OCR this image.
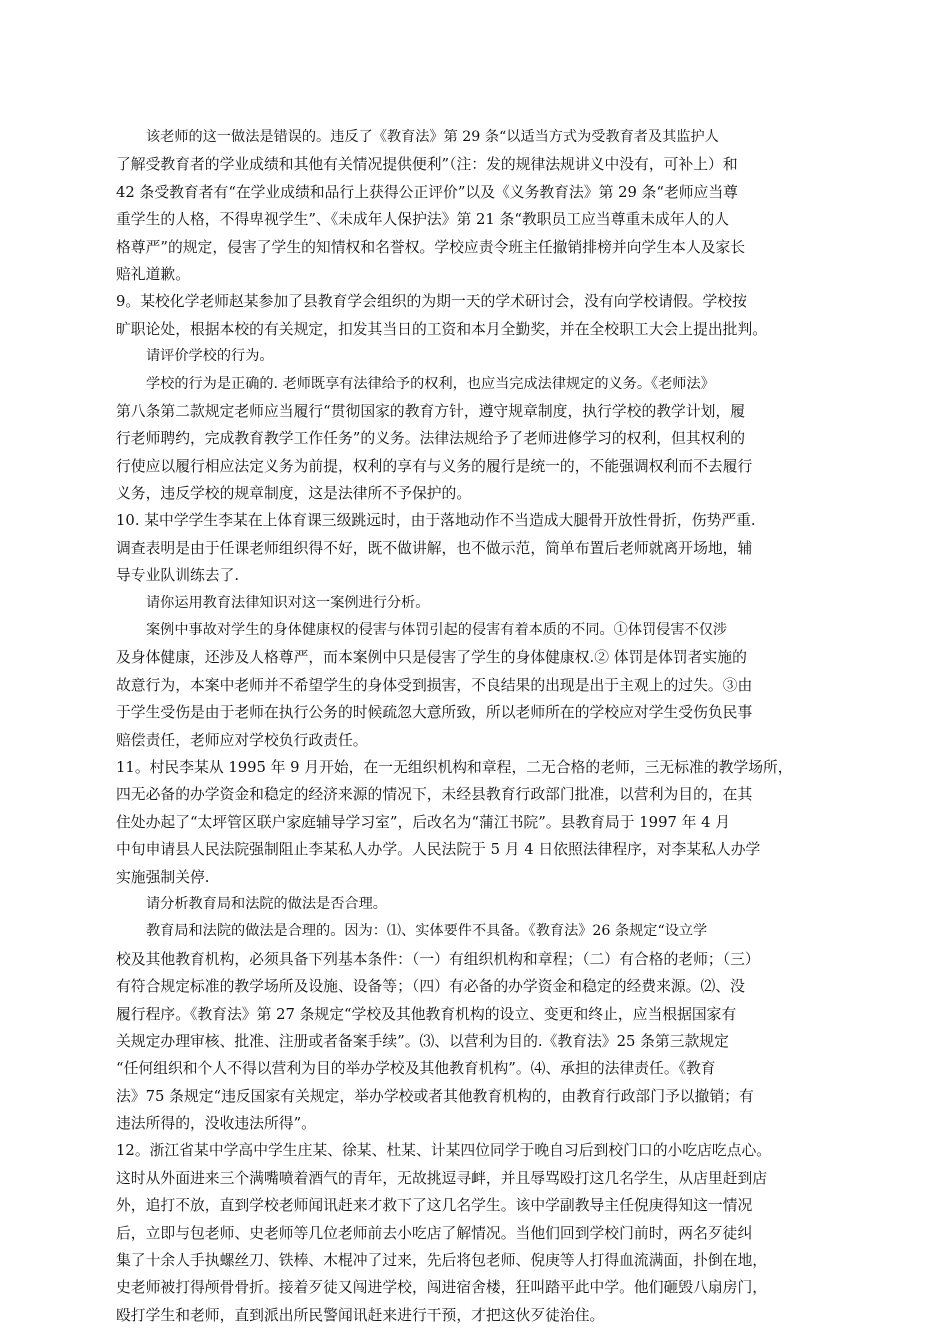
该老师的这一做法是错误的。违反了《教育法》第 29 条“以适当方式为受教育者及其监护人
了解受教育者的学业成绩和其他有关情况提供便利”（注：发的规律法规讲义中没有，可补上）和
42 条受教育者有“在学业成绩和品行上获得公正评价”以及《义务教育法》第 29 条“老师应当尊
重学生的人格，不得卑视学生”、《未成年人保护法》第 21 条“教职员工应当尊重未成年人的人
格尊严”的规定，侵害了学生的知情权和名誉权。学校应责令班主任撤销排榜并向学生本人及家长
赔礼道歉。
9。某校化学老师赵某参加了县教育学会组织的为期一天的学术研讨会，没有向学校请假。学校按
旷职论处，根据本校的有关规定，扣发其当日的工资和本月全勤奖，并在全校职工大会上提出批判。
请评价学校的行为。
学校的行为是正确的. 老师既享有法律给予的权利，也应当完成法律规定的义务。《老师法》
第八条第二款规定老师应当履行“贯彻国家的教育方针，遵守规章制度，执行学校的教学计划，履
行老师聘约，完成教育教学工作任务”的义务。法律法规给予了老师进修学习的权利，但其权利的
行使应以履行相应法定义务为前提，权利的享有与义务的履行是统一的，不能强调权利而不去履行
义务，违反学校的规章制度，这是法律所不予保护的。
10. 某中学学生李某在上体育课三级跳远时，由于落地动作不当造成大腿骨开放性骨折，伤势严重.
调查表明是由于任课老师组织得不好，既不做讲解，也不做示范，简单布置后老师就离开场地，辅
导专业队训练去了.
请你运用教育法律知识对这一案例进行分析。
案例中事故对学生的身体健康权的侵害与体罚引起的侵害有着本质的不同。①体罚侵害不仅涉
及身体健康，还涉及人格尊严，而本案例中只是侵害了学生的身体健康权.② 体罚是体罚者实施的
故意行为，本案中老师并不希望学生的身体受到损害，不良结果的出现是出于主观上的过失。③由
于学生受伤是由于老师在执行公务的时候疏忽大意所致，所以老师所在的学校应对学生受伤负民事
赔偿责任，老师应对学校负行政责任。
11。村民李某从 1995 年 9 月开始，在一无组织机构和章程，二无合格的老师，三无标准的教学场所，
四无必备的办学资金和稳定的经济来源的情况下，未经县教育行政部门批准，以营利为目的，在其
住处办起了“太坪管区联户家庭辅导学习室”，后改名为“蒲江书院”。县教育局于 1997 年 4 月
中旬申请县人民法院强制阻止李某私人办学。人民法院于 5 月 4 日依照法律程序，对李某私人办学
实施强制关停.
请分析教育局和法院的做法是否合理。
教育局和法院的做法是合理的。因为：⑴、实体要件不具备。《教育法》26 条规定“设立学
校及其他教育机构，必须具备下列基本条件：（一）有组织机构和章程；（二）有合格的老师；（三）
有符合规定标准的教学场所及设施、设备等；（四）有必备的办学资金和稳定的经费来源。⑵、没
履行程序。《教育法》第 27 条规定“学校及其他教育机构的设立、变更和终止，应当根据国家有
关规定办理审核、批准、注册或者备案手续”。⑶、以营利为目的.《教育法》25 条第三款规定
“任何组织和个人不得以营利为目的举办学校及其他教育机构”。⑷、承担的法律责任。《教育
法》75 条规定“违反国家有关规定，举办学校或者其他教育机构的，由教育行政部门予以撤销；有
违法所得的，没收违法所得”。
12。浙江省某中学高中学生庄某、徐某、杜某、计某四位同学于晚自习后到校门口的小吃店吃点心。
这时从外面进来三个满嘴喷着酒气的青年，无故挑逗寻衅，并且辱骂殴打这几名学生，从店里赶到店
外，追打不放，直到学校老师闻讯赶来才救下了这几名学生。该中学副教导主任倪庚得知这一情况
后，立即与包老师、史老师等几位老师前去小吃店了解情况。当他们回到学校门前时，两名歹徒纠
集了十余人手执螺丝刀、铁棒、木棍冲了过来，先后将包老师、倪庚等人打得血流满面，扑倒在地，
史老师被打得颅骨骨折。接着歹徒又闯进学校，闯进宿舍楼，狂叫踏平此中学。他们砸毁八扇房门，
殴打学生和老师，直到派出所民警闻讯赶来进行干预，才把这伙歹徒治住。
